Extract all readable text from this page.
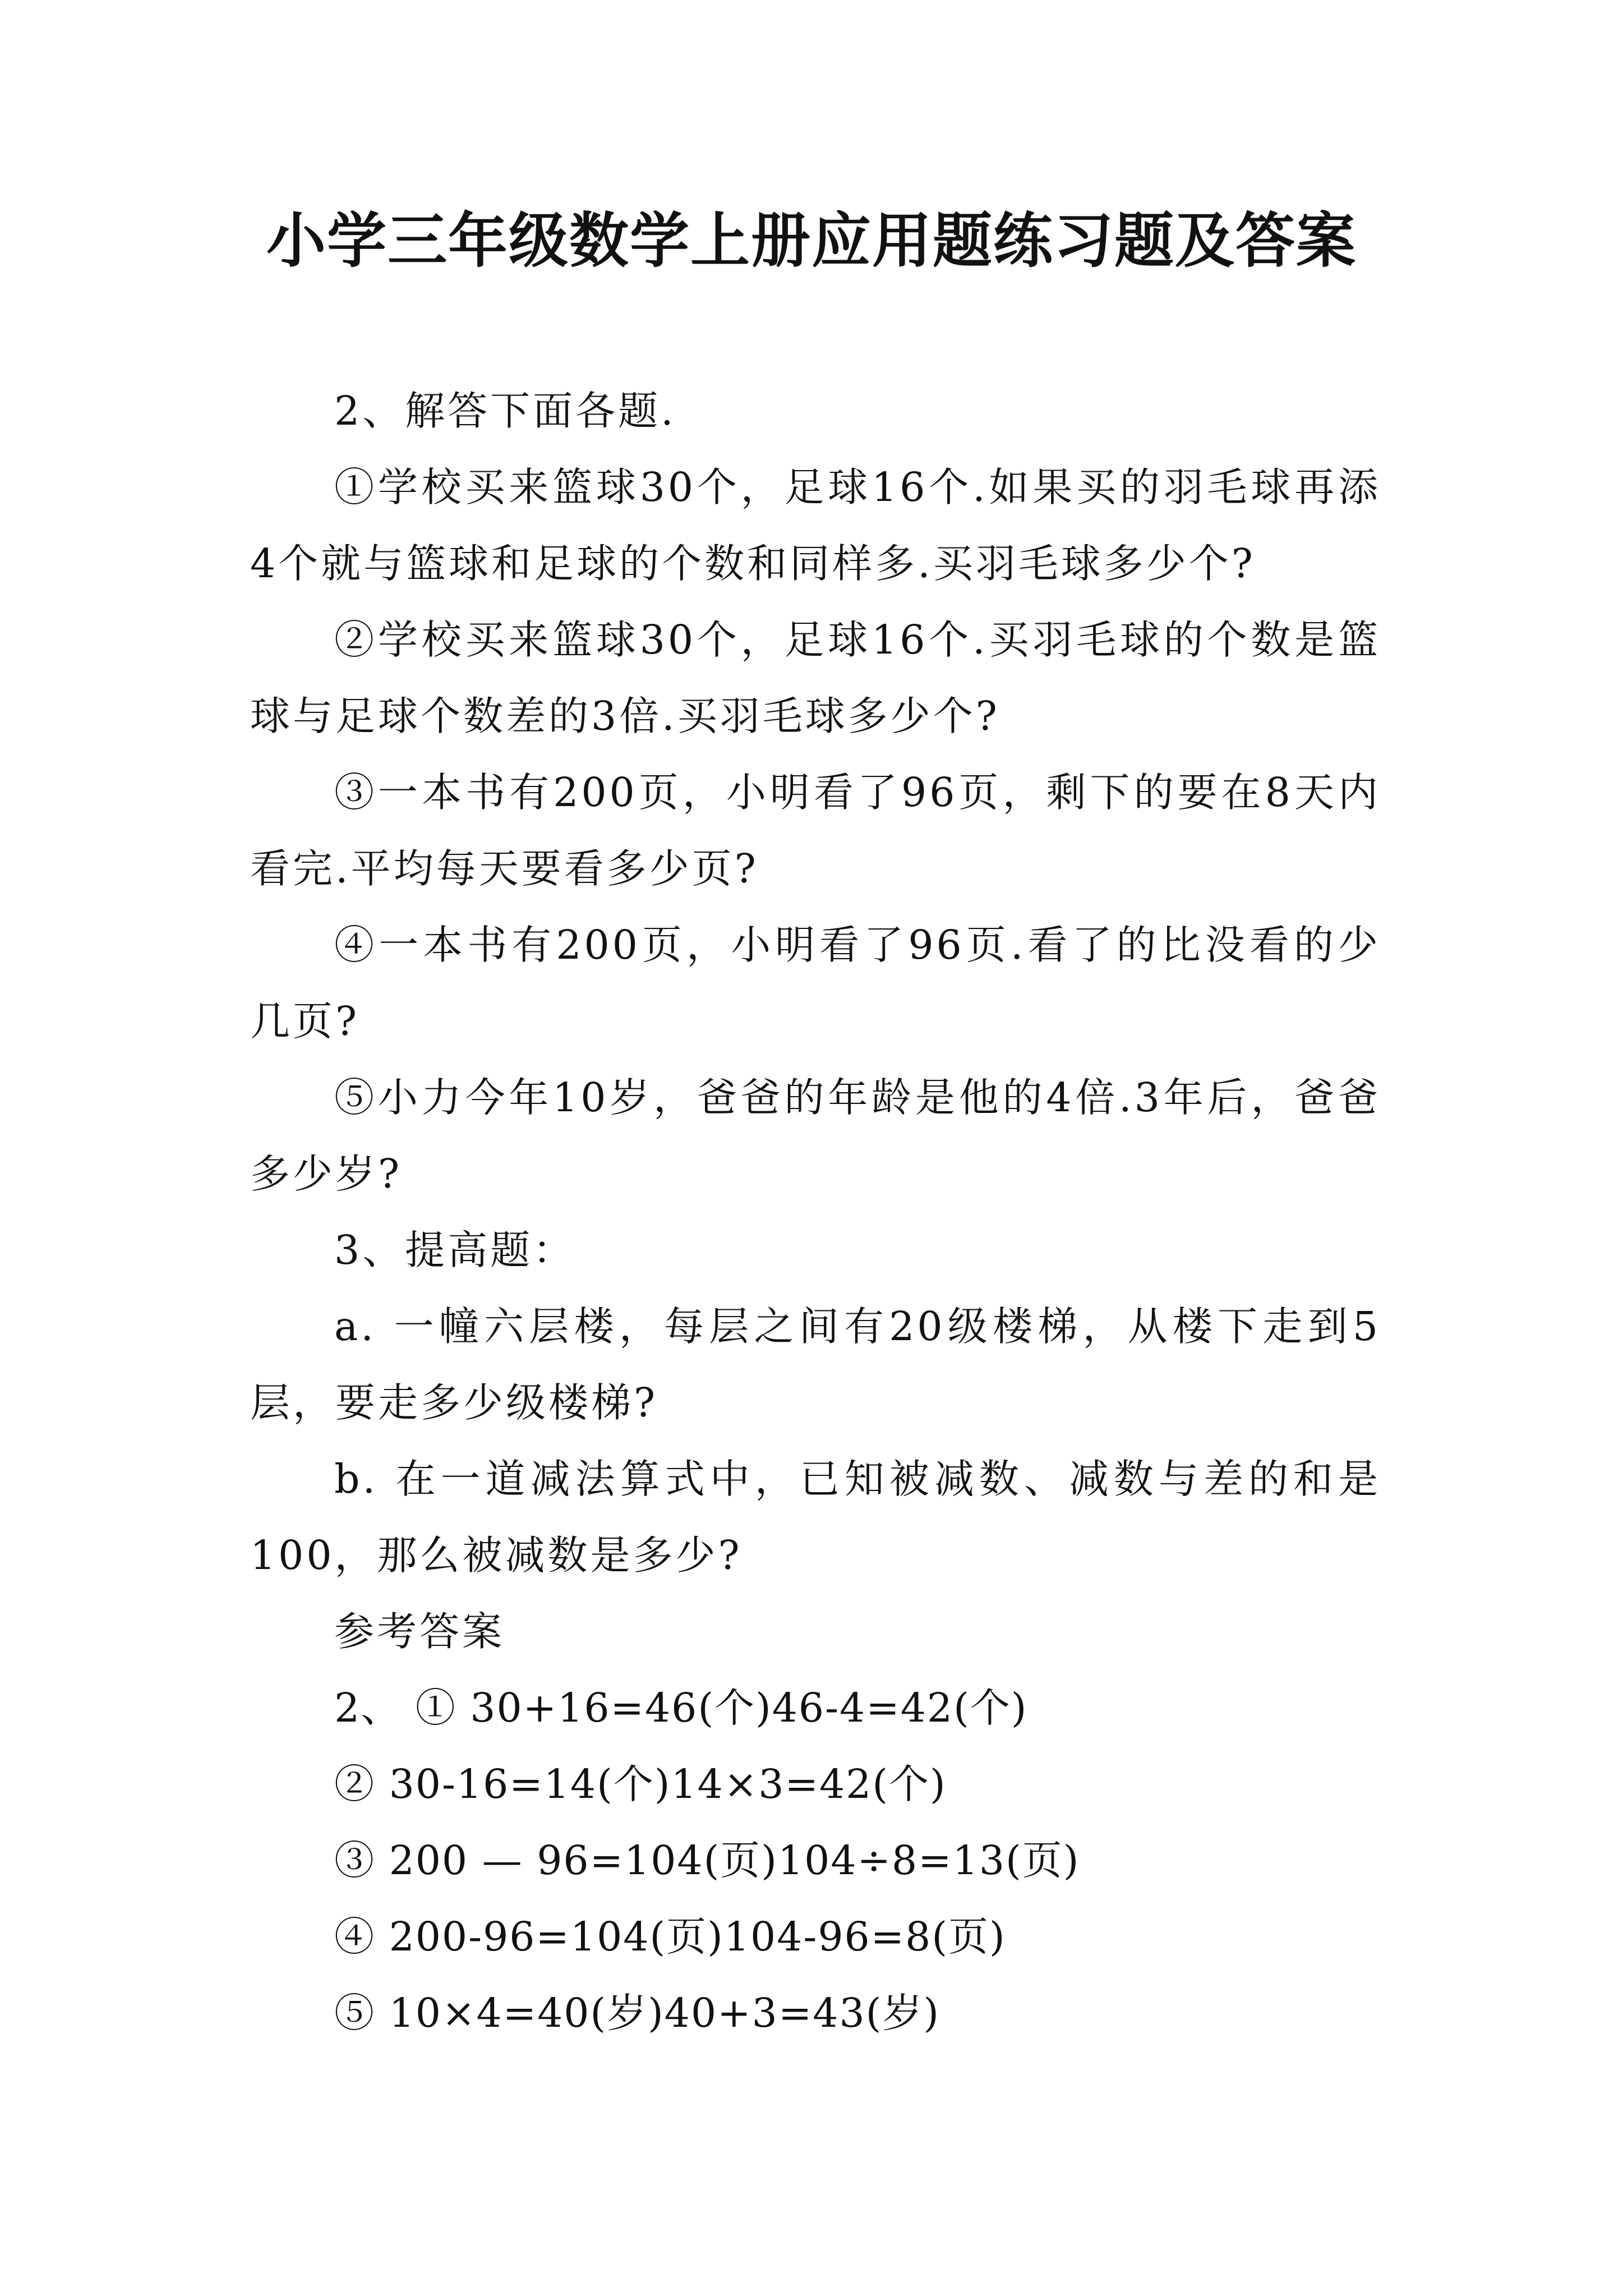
小学三年级数学上册应用题练习题及答案

2、解答下面各题.

①学校买来篮球30个，足球16个.如果买的羽毛球再添4个就与篮球和足球的个数和同样多.买羽毛球多少个?

②学校买来篮球30个，足球16个.买羽毛球的个数是篮球与足球个数差的3倍.买羽毛球多少个?

③一本书有200页，小明看了96页，剩下的要在8天内看完.平均每天要看多少页?

④一本书有200页，小明看了96页.看了的比没看的少几页?

⑤小力今年10岁，爸爸的年龄是他的4倍.3年后，爸爸多少岁?

3、提高题：

a. 一幢六层楼，每层之间有20级楼梯，从楼下走到5层，要走多少级楼梯?

b. 在一道减法算式中，已知被减数、减数与差的和是100，那么被减数是多少?

参考答案

2、 ① 30+16=46(个)46-4=42(个)

② 30-16=14(个)14×3=42(个)

③ 200 — 96=104(页)104÷8=13(页)

④ 200-96=104(页)104-96=8(页)

⑤ 10×4=40(岁)40+3=43(岁)
